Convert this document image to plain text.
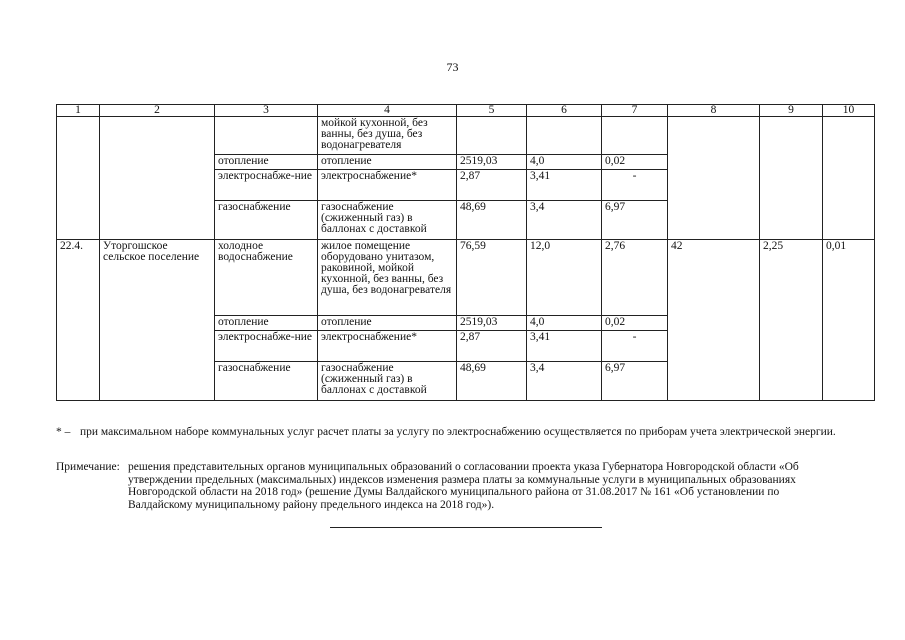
73
1	2	3	4	5	6	7	8	9	10
			мойкой кухонной, без ванны, без душа, без водонагревателя						
		отопление	отопление	2519,03	4,0	0,02			
		электроснабже-ние	электроснабжение*	2,87	3,41	-			
		газоснабжение	газоснабжение (сжиженный газ) в баллонах с доставкой	48,69	3,4	6,97			
22.4.	Уторгошское сельское поселение	холодное водоснабжение	жилое помещение оборудовано унитазом, раковиной, мойкой кухонной, без ванны, без душа, без водонагревателя	76,59	12,0	2,76	42	2,25	0,01
		отопление	отопление	2519,03	4,0	0,02			
		электроснабже-ние	электроснабжение*	2,87	3,41	-			
		газоснабжение	газоснабжение (сжиженный газ) в баллонах с доставкой	48,69	3,4	6,97			
* – при максимальном наборе коммунальных услуг расчет платы за услугу по электроснабжению осуществляется по приборам учета электрической энергии.
Примечание: решения представительных органов муниципальных образований о согласовании проекта указа Губернатора Новгородской области «Об утверждении предельных (максимальных) индексов изменения размера платы за коммунальные услуги в муниципальных образованиях Новгородской области на 2018 год» (решение Думы Валдайского муниципального района от 31.08.2017 № 161 «Об установлении по Валдайскому муниципальному району предельного индекса на 2018 год»).
